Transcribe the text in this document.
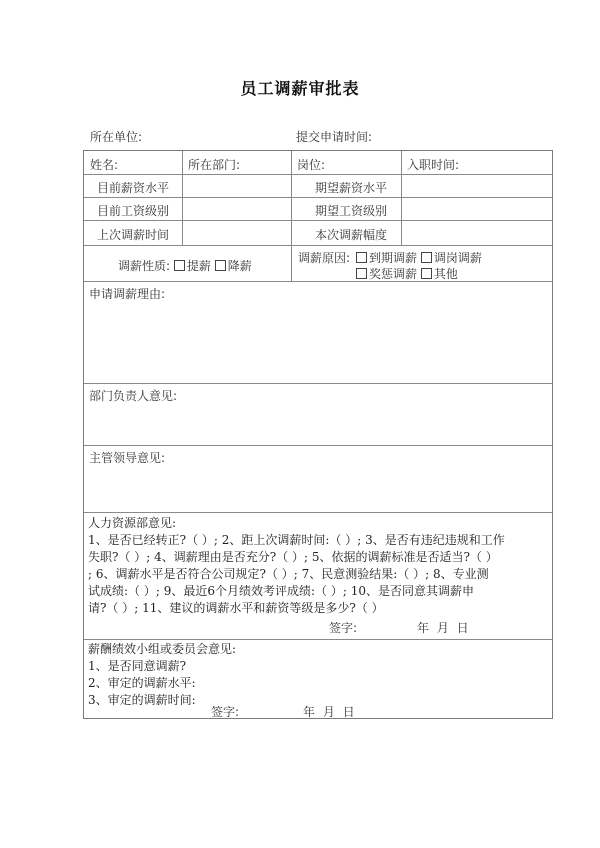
员工调薪审批表
所在单位:	提交申请时间:
姓名:	所在部门:	岗位:	入职时间:
目前薪资水平	期望薪资水平
目前工资级别	期望工资级别
上次调薪时间	本次调薪幅度
调薪性质: 提薪 降薪
调薪原因:	到期调薪 调岗调薪
奖惩调薪 其他
申请调薪理由:
部门负责人意见:
主管领导意见:
人力资源部意见:
1、是否已经转正?（ ）; 2、距上次调薪时间:（ ）; 3、是否有违纪违规和工作
失职?（ ）; 4、调薪理由是否充分?（ ）; 5、依据的调薪标准是否适当?（ ）
; 6、调薪水平是否符合公司规定?（ ）; 7、民意测验结果:（ ）; 8、专业测
试成绩:（ ）; 9、最近6个月绩效考评成绩:（ ）; 10、是否同意其调薪申
请?（ ）; 11、建议的调薪水平和薪资等级是多少?（ ）
签字:	年 月 日
薪酬绩效小组或委员会意见:
1、是否同意调薪?
2、审定的调薪水平:
3、审定的调薪时间:
签字:	年 月 日
